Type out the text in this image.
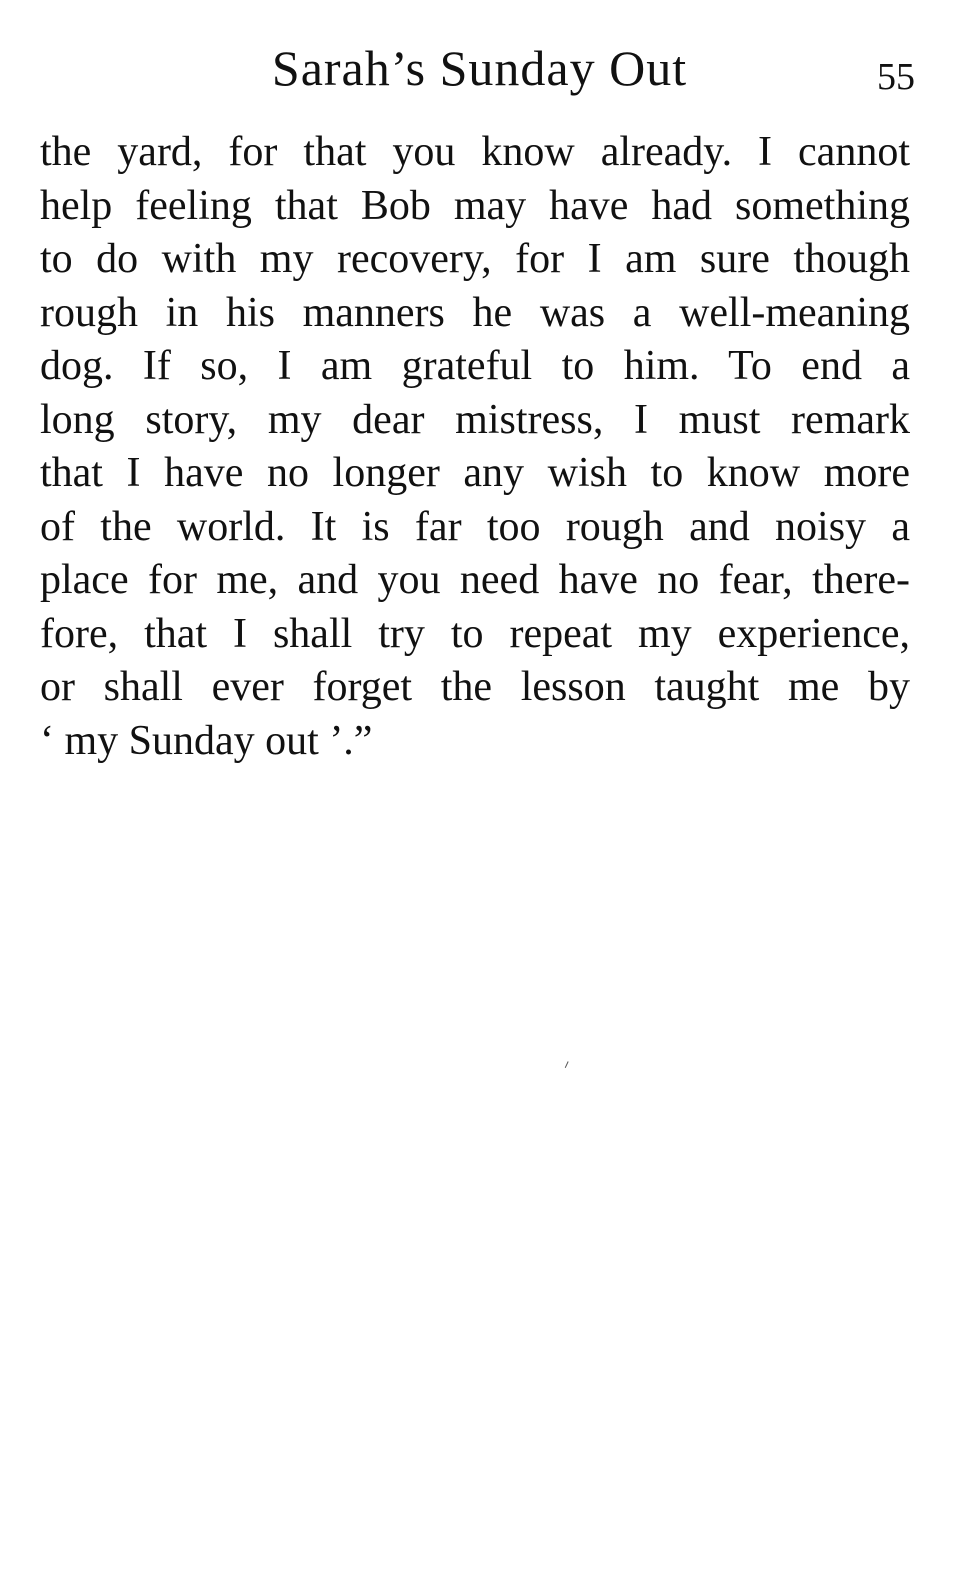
Sarah’s Sunday Out	55
the yard, for that you know already. I cannot
help feeling that Bob may have had something
to do with my recovery, for I am sure though
rough in his manners he was a well-meaning
dog. If so, I am grateful to him. To end a
long story, my dear mistress, I must remark
that I have no longer any wish to know more
of the world. It is far too rough and noisy a
place for me, and you need have no fear, there-
fore, that I shall try to repeat my experience,
or shall ever forget the lesson taught me by
‘ my Sunday out ’.”
